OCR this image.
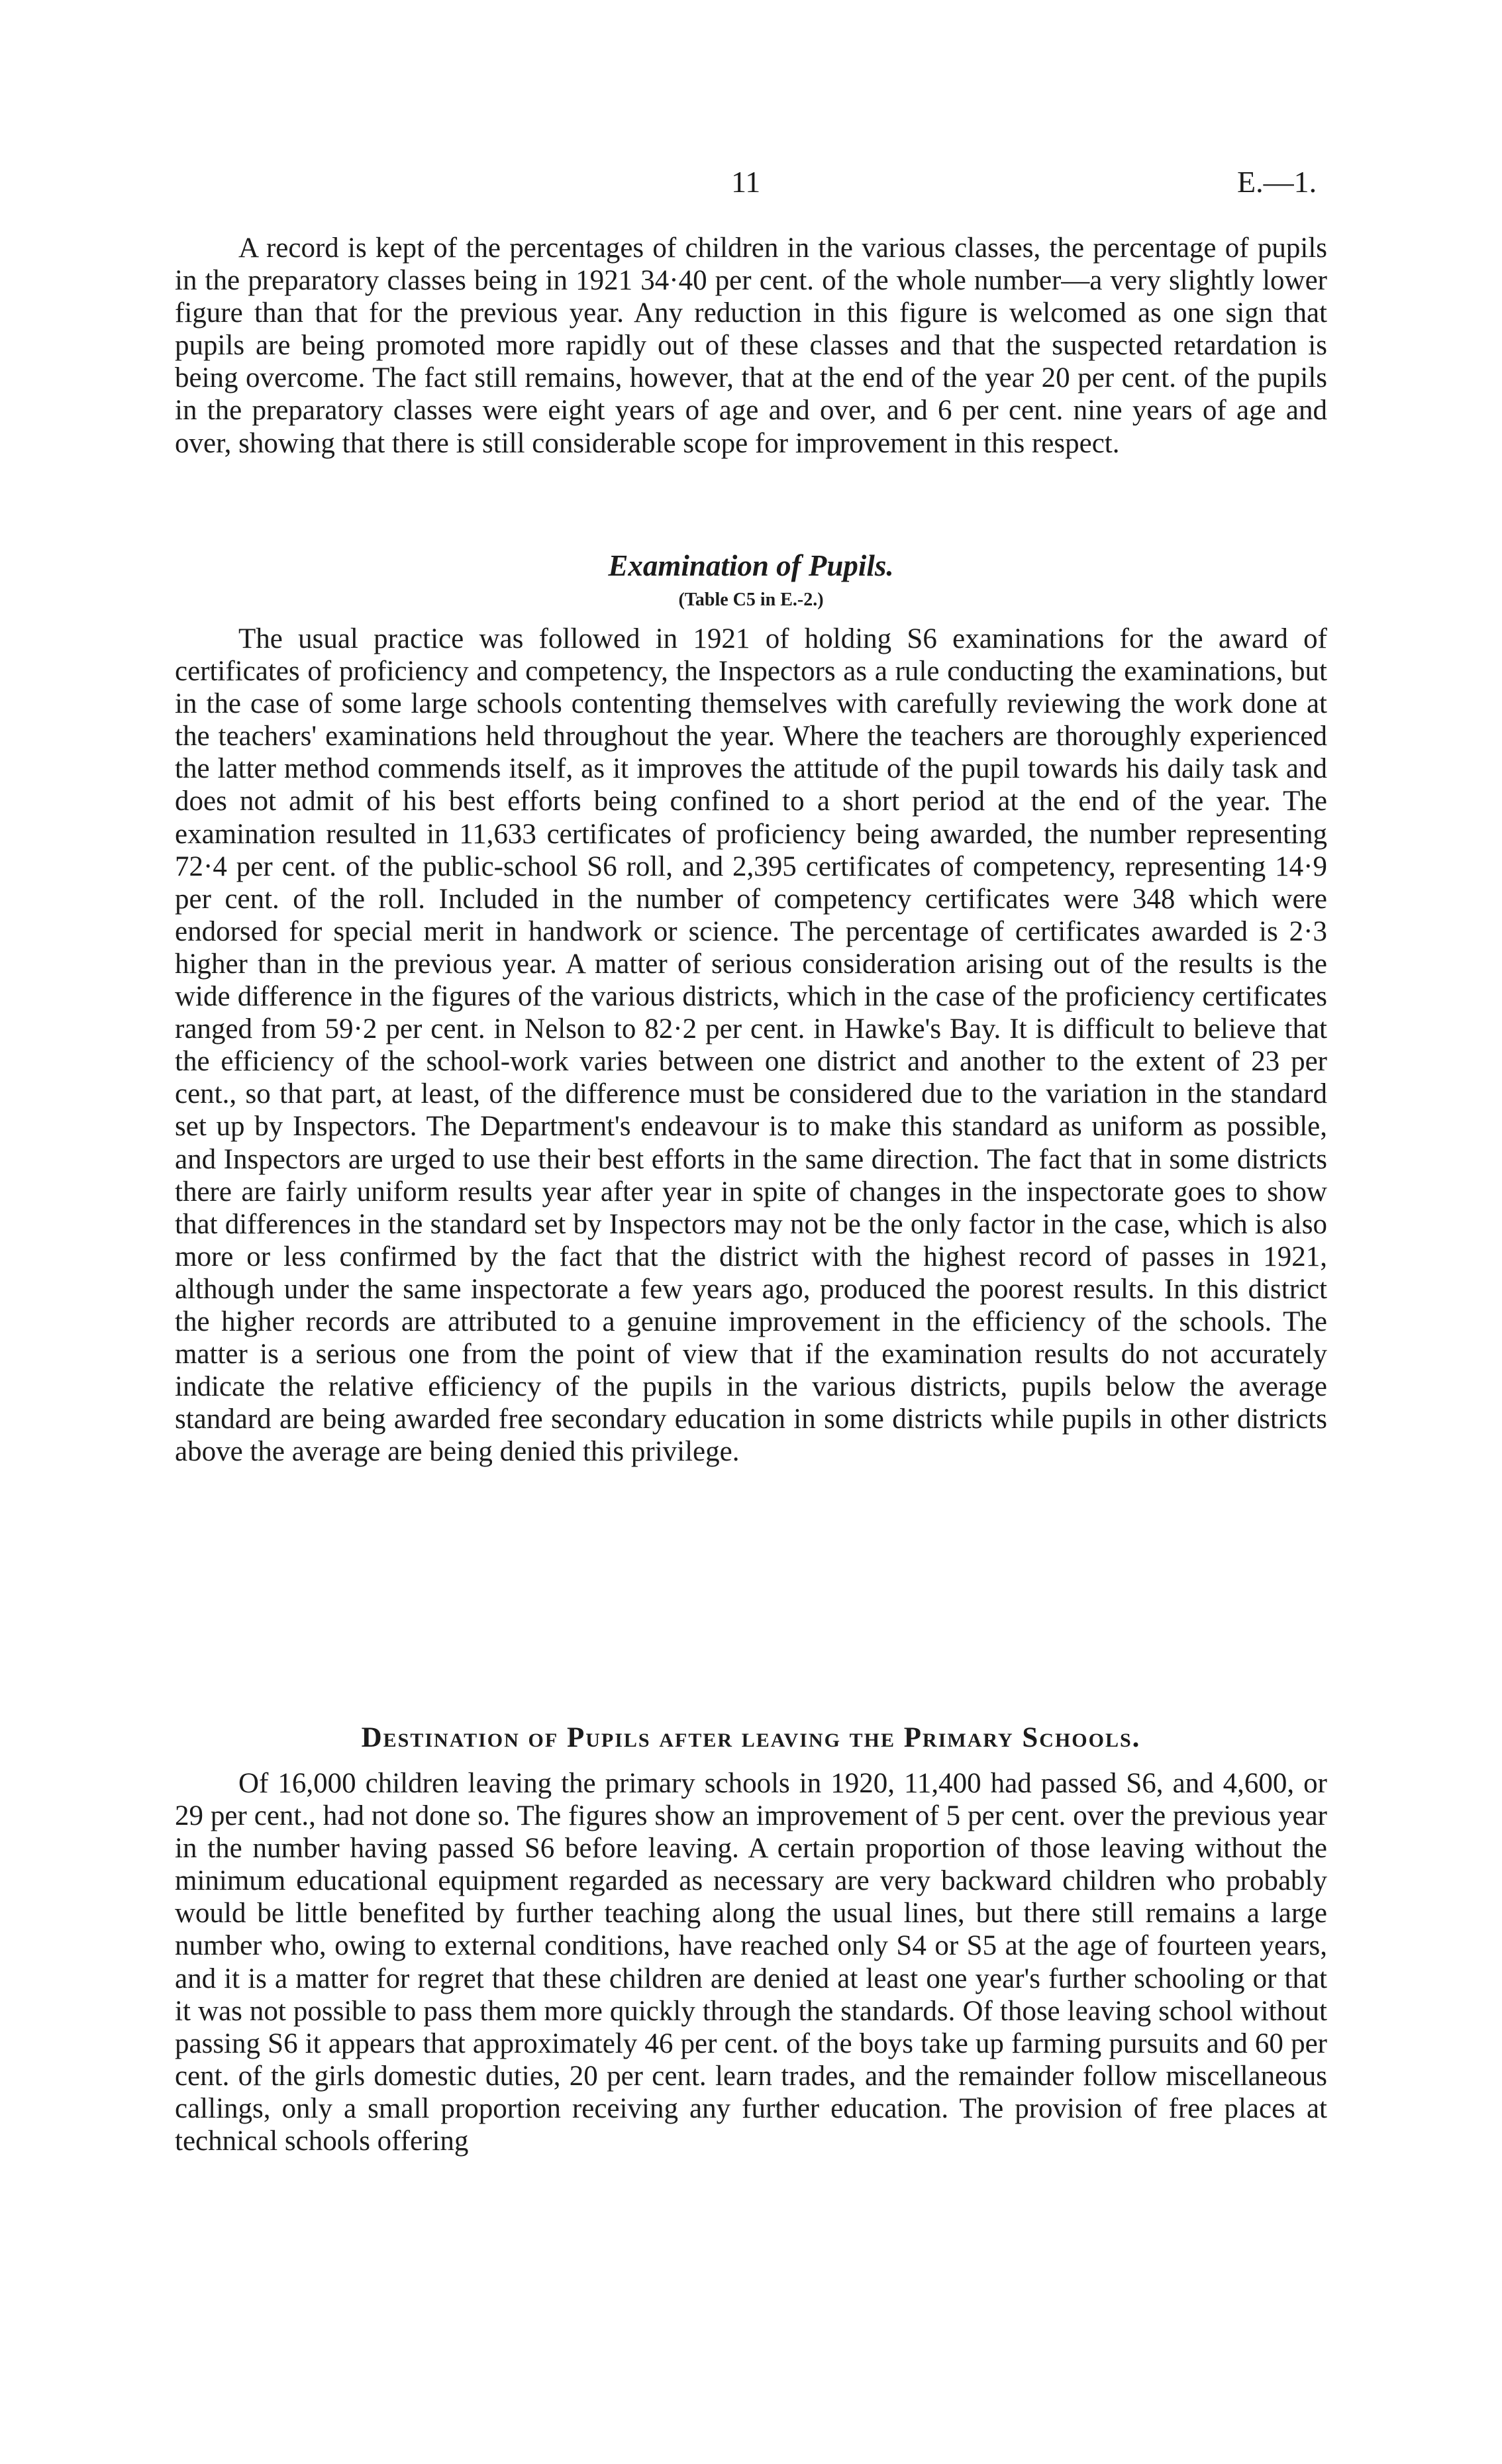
11	E.—1.

A record is kept of the percentages of children in the various classes, the percentage of pupils in the preparatory classes being in 1921 34·40 per cent. of the whole number—a very slightly lower figure than that for the previous year. Any reduction in this figure is welcomed as one sign that pupils are being promoted more rapidly out of these classes and that the suspected retardation is being overcome. The fact still remains, however, that at the end of the year 20 per cent. of the pupils in the preparatory classes were eight years of age and over, and 6 per cent. nine years of age and over, showing that there is still considerable scope for improvement in this respect.

Examination of Pupils.
(Table C5 in E.-2.)

The usual practice was followed in 1921 of holding S6 examinations for the award of certificates of proficiency and competency, the Inspectors as a rule conducting the examinations, but in the case of some large schools contenting themselves with carefully reviewing the work done at the teachers' examinations held throughout the year. Where the teachers are thoroughly experienced the latter method commends itself, as it improves the attitude of the pupil towards his daily task and does not admit of his best efforts being confined to a short period at the end of the year. The examination resulted in 11,633 certificates of proficiency being awarded, the number representing 72·4 per cent. of the public-school S6 roll, and 2,395 certificates of competency, representing 14·9 per cent. of the roll. Included in the number of competency certificates were 348 which were endorsed for special merit in handwork or science. The percentage of certificates awarded is 2·3 higher than in the previous year. A matter of serious consideration arising out of the results is the wide difference in the figures of the various districts, which in the case of the proficiency certificates ranged from 59·2 per cent. in Nelson to 82·2 per cent. in Hawke's Bay. It is difficult to believe that the efficiency of the school-work varies between one district and another to the extent of 23 per cent., so that part, at least, of the difference must be considered due to the variation in the standard set up by Inspectors. The Department's endeavour is to make this standard as uniform as possible, and Inspectors are urged to use their best efforts in the same direction. The fact that in some districts there are fairly uniform results year after year in spite of changes in the inspectorate goes to show that differences in the standard set by Inspectors may not be the only factor in the case, which is also more or less confirmed by the fact that the district with the highest record of passes in 1921, although under the same inspectorate a few years ago, produced the poorest results. In this district the higher records are attributed to a genuine improvement in the efficiency of the schools. The matter is a serious one from the point of view that if the examination results do not accurately indicate the relative efficiency of the pupils in the various districts, pupils below the average standard are being awarded free secondary education in some districts while pupils in other districts above the average are being denied this privilege.

Destination of Pupils after leaving the Primary Schools.

Of 16,000 children leaving the primary schools in 1920, 11,400 had passed S6, and 4,600, or 29 per cent., had not done so. The figures show an improvement of 5 per cent. over the previous year in the number having passed S6 before leaving. A certain proportion of those leaving without the minimum educational equipment regarded as necessary are very backward children who probably would be little benefited by further teaching along the usual lines, but there still remains a large number who, owing to external conditions, have reached only S4 or S5 at the age of fourteen years, and it is a matter for regret that these children are denied at least one year's further schooling or that it was not possible to pass them more quickly through the standards. Of those leaving school without passing S6 it appears that approximately 46 per cent. of the boys take up farming pursuits and 60 per cent. of the girls domestic duties, 20 per cent. learn trades, and the remainder follow miscellaneous callings, only a small proportion receiving any further education. The provision of free places at technical schools offering
